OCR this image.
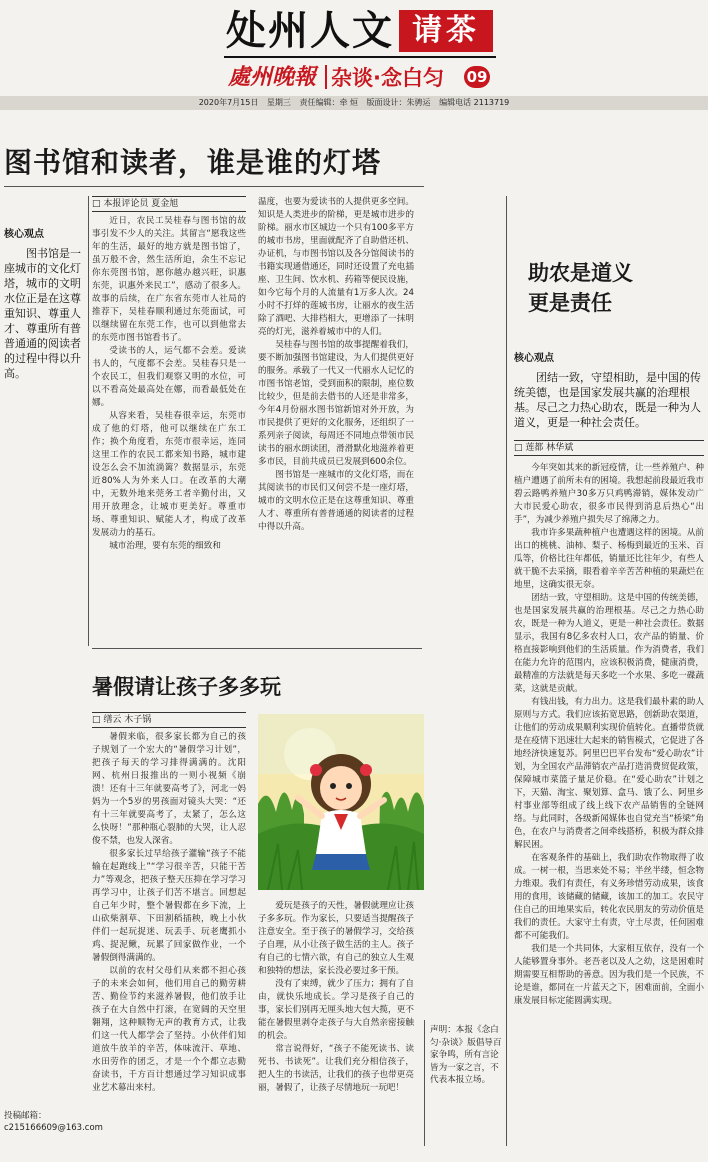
处州人文 请茶
處州晚報 杂谈·念白匀 09
2020年7月15日 星期三 责任编辑：牵 烜 版面设计：朱骋运 编辑电话 2113719
图书馆和读者，谁是谁的灯塔
核心观点
图书馆是一座城市的文化灯塔，城市的文明水位正是在这尊重知识、尊重人才、尊重所有普普通通的阅读者的过程中得以升高。
□ 本报评论员 夏金旭

近日，农民工吴桂春与图书馆的故事引发不少人的关注。其留言“愿我这些年的生活，最好的地方就是图书馆了，虽万般不舍，然生活所迫，余生不忘记你东莞图书馆，愿你越办越兴旺，识惠东莞，识惠外来民工”，感动了很多人。故事的后续，在广东省东莞市人社局的推荐下，吴桂春顺利通过东莞面试，可以继续留在东莞工作，也可以到他常去的东莞市图书馆看书了。

受读书的人，运气都不会差。爱读书人的，气度都不会差。吴桂春只是一个农民工，但我们观察又明的水位，可以不看高处最高处在娜，而看最低处在娜。

从容来看，吴桂春很幸运，东莞市成了他的灯塔，他可以继续在广东工作；换个角度看，东莞市很幸运，连同这里工作的农民工都来知书路，城市建设怎么会不加流淌篱？数据显示，东莞近80%人为外来人口。在改革的大潮中，无数外地来莞务工者辛勤付出，又用开放理念，让城市更美好。尊重市场、尊重知识、赋能人才，构成了改革发展动力的基石。

城市治理，要有东莞的细致和

温度，也要为爱读书的人提供更多空间。知识是人类进步的阶梯，更是城市进步的阶梯。丽水市区城边一个只有100多平方的城市书房，里面就配齐了自助借还机、办证机，与市图书馆以及各分馆阅读书的书籍实现通借通还，同时还设置了充电插座、卫生间、饮水机、药箱等便民设施，如今它每个月的人流量有1万多人次。24小时不打烊的莲城书房，让丽水的夜生活除了酒吧、大排档相大，更增添了一抹明亮的灯光，滋养着城市中的人们。

吴桂春与图书馆的故事提醒着我们，要不断加强图书馆建设，为人们提供更好的服务。承载了一代又一代丽水人记忆的市图书馆老馆，受到面积的限制，座位数比较少，但是前去借书的人还是非常多，今年4月份丽水图书馆新馆对外开放，为市民提供了更好的文化服务，还组织了一系列亲子阅读，每周还不同地点带领市民读书的丽水朗读团，滑滑默化地滋养着更多市民，目前共成员已发展到600余位。

图书馆是一座城市的文化灯塔，而在其阅读书的市民们又何尝不是一座灯塔，城市的文明水位正是在这尊重知识、尊重人才、尊重所有普普通通的阅读者的过程中得以升高。

暑假请让孩子多多玩
□ 缮云 木子锅

暑假来临，很多家长都为自己的孩子规划了一个宏大的“暑假学习计划”，把孩子每天的学习排得满满的。沈阳网、杭州日报推出的一则小视频《崩溃！还有十三年就要高考了》，河北一妈妈为一个5岁的男孩面对镜头大哭：“还有十三年就要高考了，太紧了，怎么这么快呀！”那种瓶心裂肺的大哭，让人忍俊不禁，也发人深省。

很多家长过早给孩子灌输“孩子不能输在起跑线上”“学习很辛苦，只能干苦力”等观念，把孩子整天压抑在学习学习再学习中，让孩子们苦不堪言。回想起自己年少时，整个暑假都在乡下流，上山砍柴割草、下田割稻插秧，晚上小伙伴们一起玩捉迷、玩丢手、玩老鹰抓小鸡、捉泥鳅，玩累了回家做作业，一个暑假倒得满满的。

以前的农村父母们从来都不担心孩子的未来会如何，他们用自己的勤劳耕苦、勤俭节约来滋养暑假，他们放手让孩子在大自然中打滚，在宽阔的天空里翱翔，这种顺物无声的教育方式，让我们这一代人都学会了坚持。小伙伴们知道放牛放羊的辛苦，体味流汗、草地、水田劳作的团乏，才是一个个都立志勤奋读书，千方百计想通过学习知识成事业艺术幕出来村。

爱玩是孩子的天性，暑假就理应让孩子多多玩。作为家长，只要适当提醒孩子注意安全。至于孩子的暑假学习，交给孩子自理，从小让孩子做生活的主人。孩子有自己的七情六欲，有自己的独立人生观和独特的想法，家长没必要过多干预。

没有了束缚，就少了压力；拥有了自由，就快乐地成长。学习是孩子自己的事，家长们别再无厘头地大包大揽，更不能在暑假里剥夺走孩子与大自然亲密接触的机会。

常言说得好，“孩子不能死读书、读死书、书读死”。让我们充分相信孩子，把人生的书读活，让我们的孩子也带更亮丽，暑假了，让孩子尽情地玩一玩吧！

声明：本报《念白匀·杂谈》版倡导百家争鸣，所有言论皆为一家之言，不代表本报立场。
投稿邮箱：
c215166609@163.com
助农是道义
更是责任
核心观点
团结一致，守望相助，是中国的传统美德，也是国家发展共赢的治理根基。尽己之力热心助农，既是一种为人道义，更是一种社会责任。
□ 莲都 林华斌

今年突如其来的新冠疫情，让一些养殖户、种植户遭遇了前所未有的困境。我想起前段最近我市碧云路鸭养殖户30多万只鸡鸭滞销，媒体发动广大市民爱心助农，很多市民得到消息后热心“出手”，为减少养殖户损失尽了绵薄之力。

我市许多果蔬种植户也遭遇这样的困境。从前出口的桃桃、油柿、梨子、杨梅到最近的玉米、百瓜等，价格比往年都低，销量还比往年少，有些人就干脆不去采摘，眼看着辛辛苦苦种植的果蔬烂在地里，这确实很无奈。

团结一致，守望相助。这是中国的传统美德，也是国家发展共赢的治理根基。尽己之力热心助农，既是一种为人道义，更是一种社会责任。数据显示，我国有8亿多农村人口，农产品的销量、价格直接影响到他们的生活质量。作为消费者，我们在能力允许的范围内，应该积极消费，健康消费，最精准的方法就是每天多吃一个水果、多吃一碟蔬菜，这就是贡献。

有钱出钱，有力出力。这是我们最朴素的助人原则与方式。我们应该拓宽思路，创新助农渠道，让他们的劳动成果顺利实现价值转化。直播带货就是在疫情下迅速壮大起来的销售模式，它促进了各地经济快速复苏。阿里巴巴平台发布“爱心助农”计划，为全国农产品滞销农产品打造消费贸促政策，保障城市菜篮子量足价稳。在“爱心助农”计划之下，天猫、淘宝、聚划算、盒马、饿了么、阿里乡村事业部等组成了线上线下农产品销售的全链网络。与此同时，各级新闻媒体也自觉充当“桥梁”角色，在农户与消费者之间牵线搭桥，积极为群众排解民困。

在客观条件的基础上，我们助农作物取得了收成。一树一根，当思来处不易；半丝半缕，恒念物力维艰。我们有责任，有义务珍惜劳动成果，该食用的食用，该储藏的储藏，该加工的加工。农民守住自己的田地果实后，转化农民朋友的劳动价值是我们的责任。大家守土有责，守土尽责，任何困难都不可能我们。

我们是一个共同体，大家相互依存，没有一个人能够置身事外。老吾老以及人之幼，这是困难时期需要互相帮助的善意。因为我们是一个民族，不论是谁，都同在一片蓝天之下，困难面前，全面小康发展目标定能圆满实现。
